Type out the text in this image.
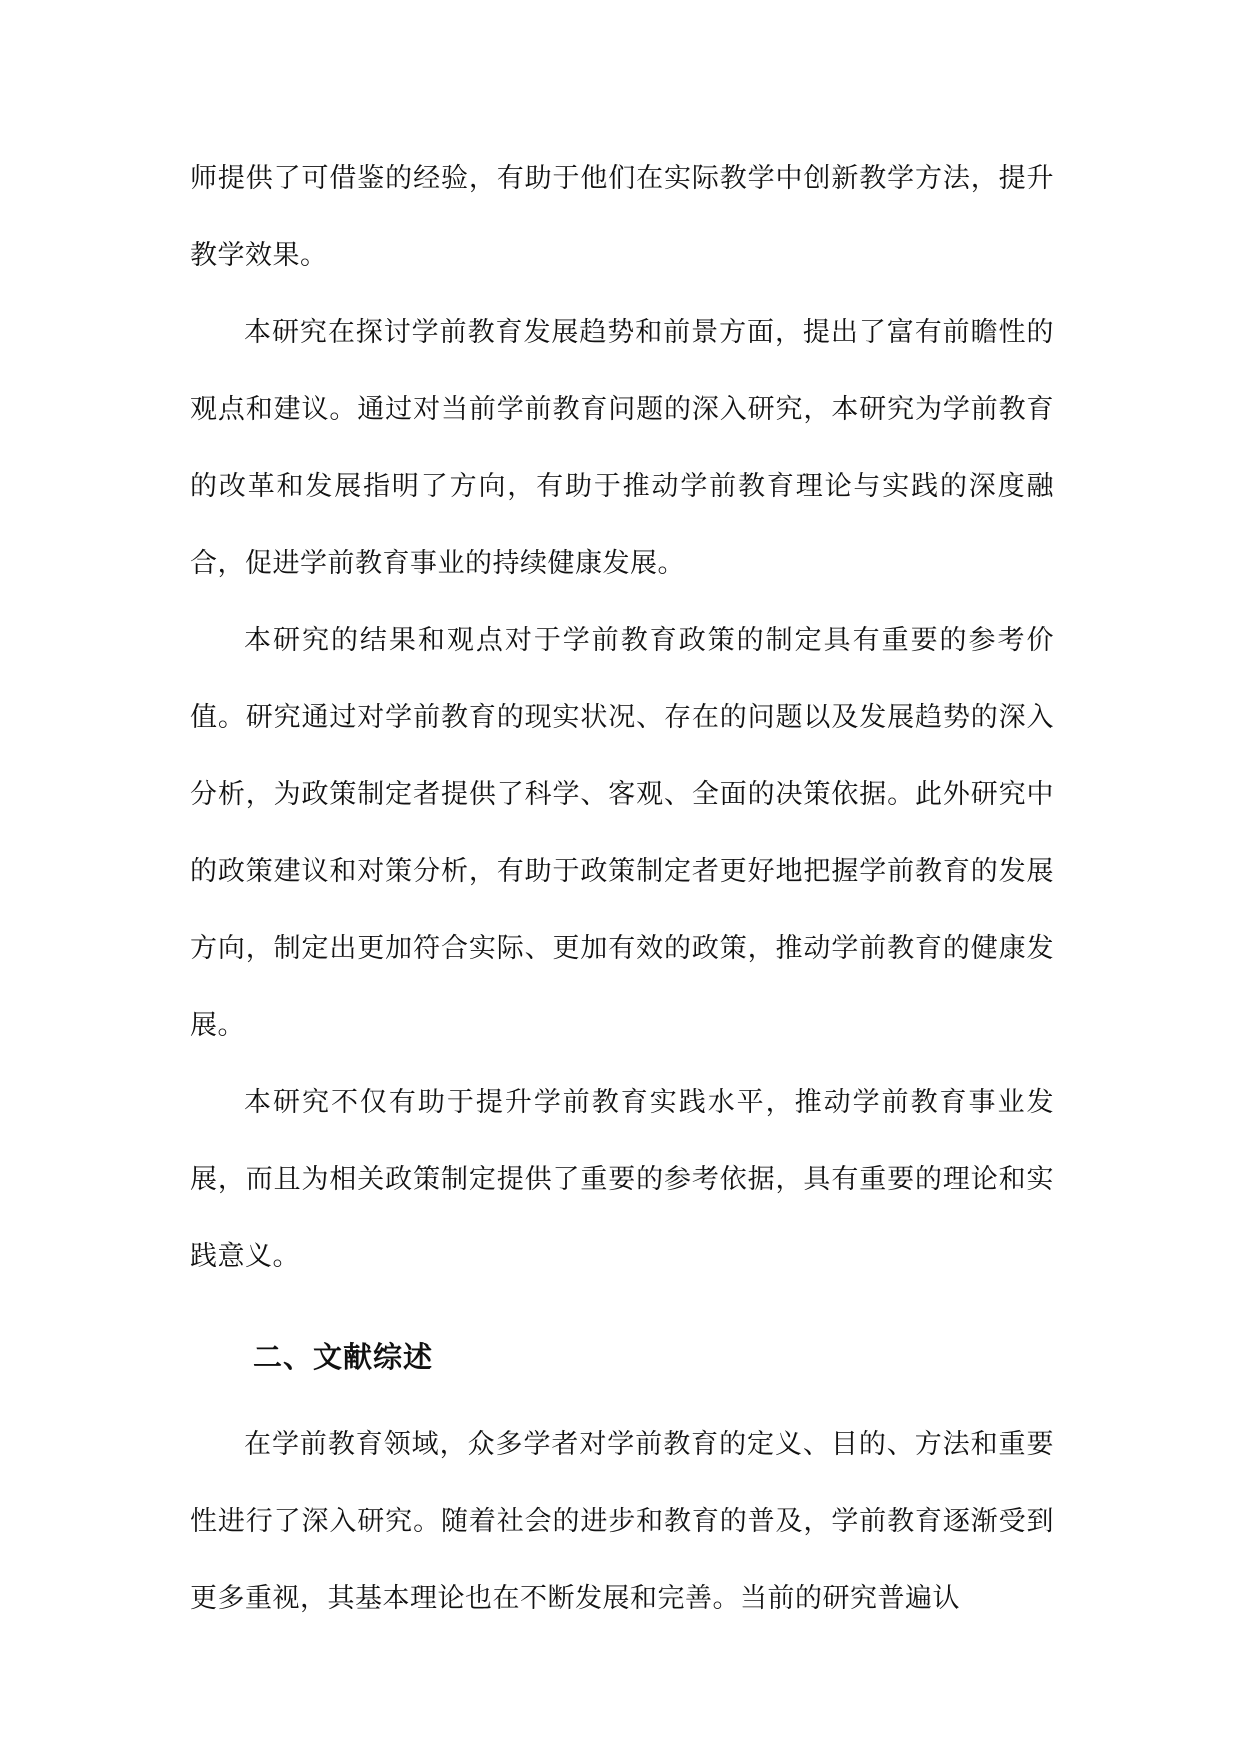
师提供了可借鉴的经验，有助于他们在实际教学中创新教学方法，提升教学效果。

本研究在探讨学前教育发展趋势和前景方面，提出了富有前瞻性的观点和建议。通过对当前学前教育问题的深入研究，本研究为学前教育的改革和发展指明了方向，有助于推动学前教育理论与实践的深度融合，促进学前教育事业的持续健康发展。

本研究的结果和观点对于学前教育政策的制定具有重要的参考价值。研究通过对学前教育的现实状况、存在的问题以及发展趋势的深入分析，为政策制定者提供了科学、客观、全面的决策依据。此外研究中的政策建议和对策分析，有助于政策制定者更好地把握学前教育的发展方向，制定出更加符合实际、更加有效的政策，推动学前教育的健康发展。

本研究不仅有助于提升学前教育实践水平，推动学前教育事业发展，而且为相关政策制定提供了重要的参考依据，具有重要的理论和实践意义。

二、文献综述

在学前教育领域，众多学者对学前教育的定义、目的、方法和重要性进行了深入研究。随着社会的进步和教育的普及，学前教育逐渐受到更多重视，其基本理论也在不断发展和完善。当前的研究普遍认
